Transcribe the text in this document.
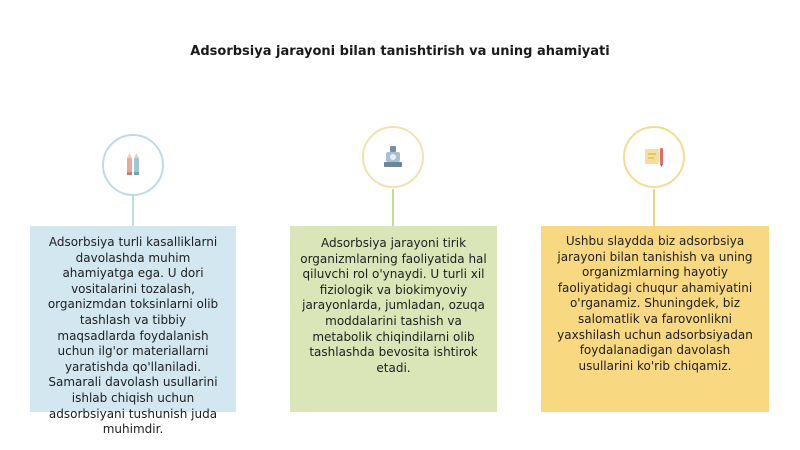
Adsorbsiya jarayoni bilan tanishtirish va uning ahamiyati
Adsorbsiya turli kasalliklarni davolashda muhim ahamiyatga ega. U dori vositalarini tozalash, organizmdan toksinlarni olib tashlash va tibbiy maqsadlarda foydalanish uchun ilg'or materiallarni yaratishda qo'llaniladi. Samarali davolash usullarini ishlab chiqish uchun adsorbsiyani tushunish juda muhimdir.
Adsorbsiya jarayoni tirik organizmlarning faoliyatida hal qiluvchi rol o'ynaydi. U turli xil fiziologik va biokimyoviy jarayonlarda, jumladan, ozuqa moddalarini tashish va metabolik chiqindilarni olib tashlashda bevosita ishtirok etadi.
Ushbu slaydda biz adsorbsiya jarayoni bilan tanishish va uning organizmlarning hayotiy faoliyatidagi chuqur ahamiyatini o'rganamiz. Shuningdek, biz salomatlik va farovonlikni yaxshilash uchun adsorbsiyadan foydalanadigan davolash usullarini ko'rib chiqamiz.
